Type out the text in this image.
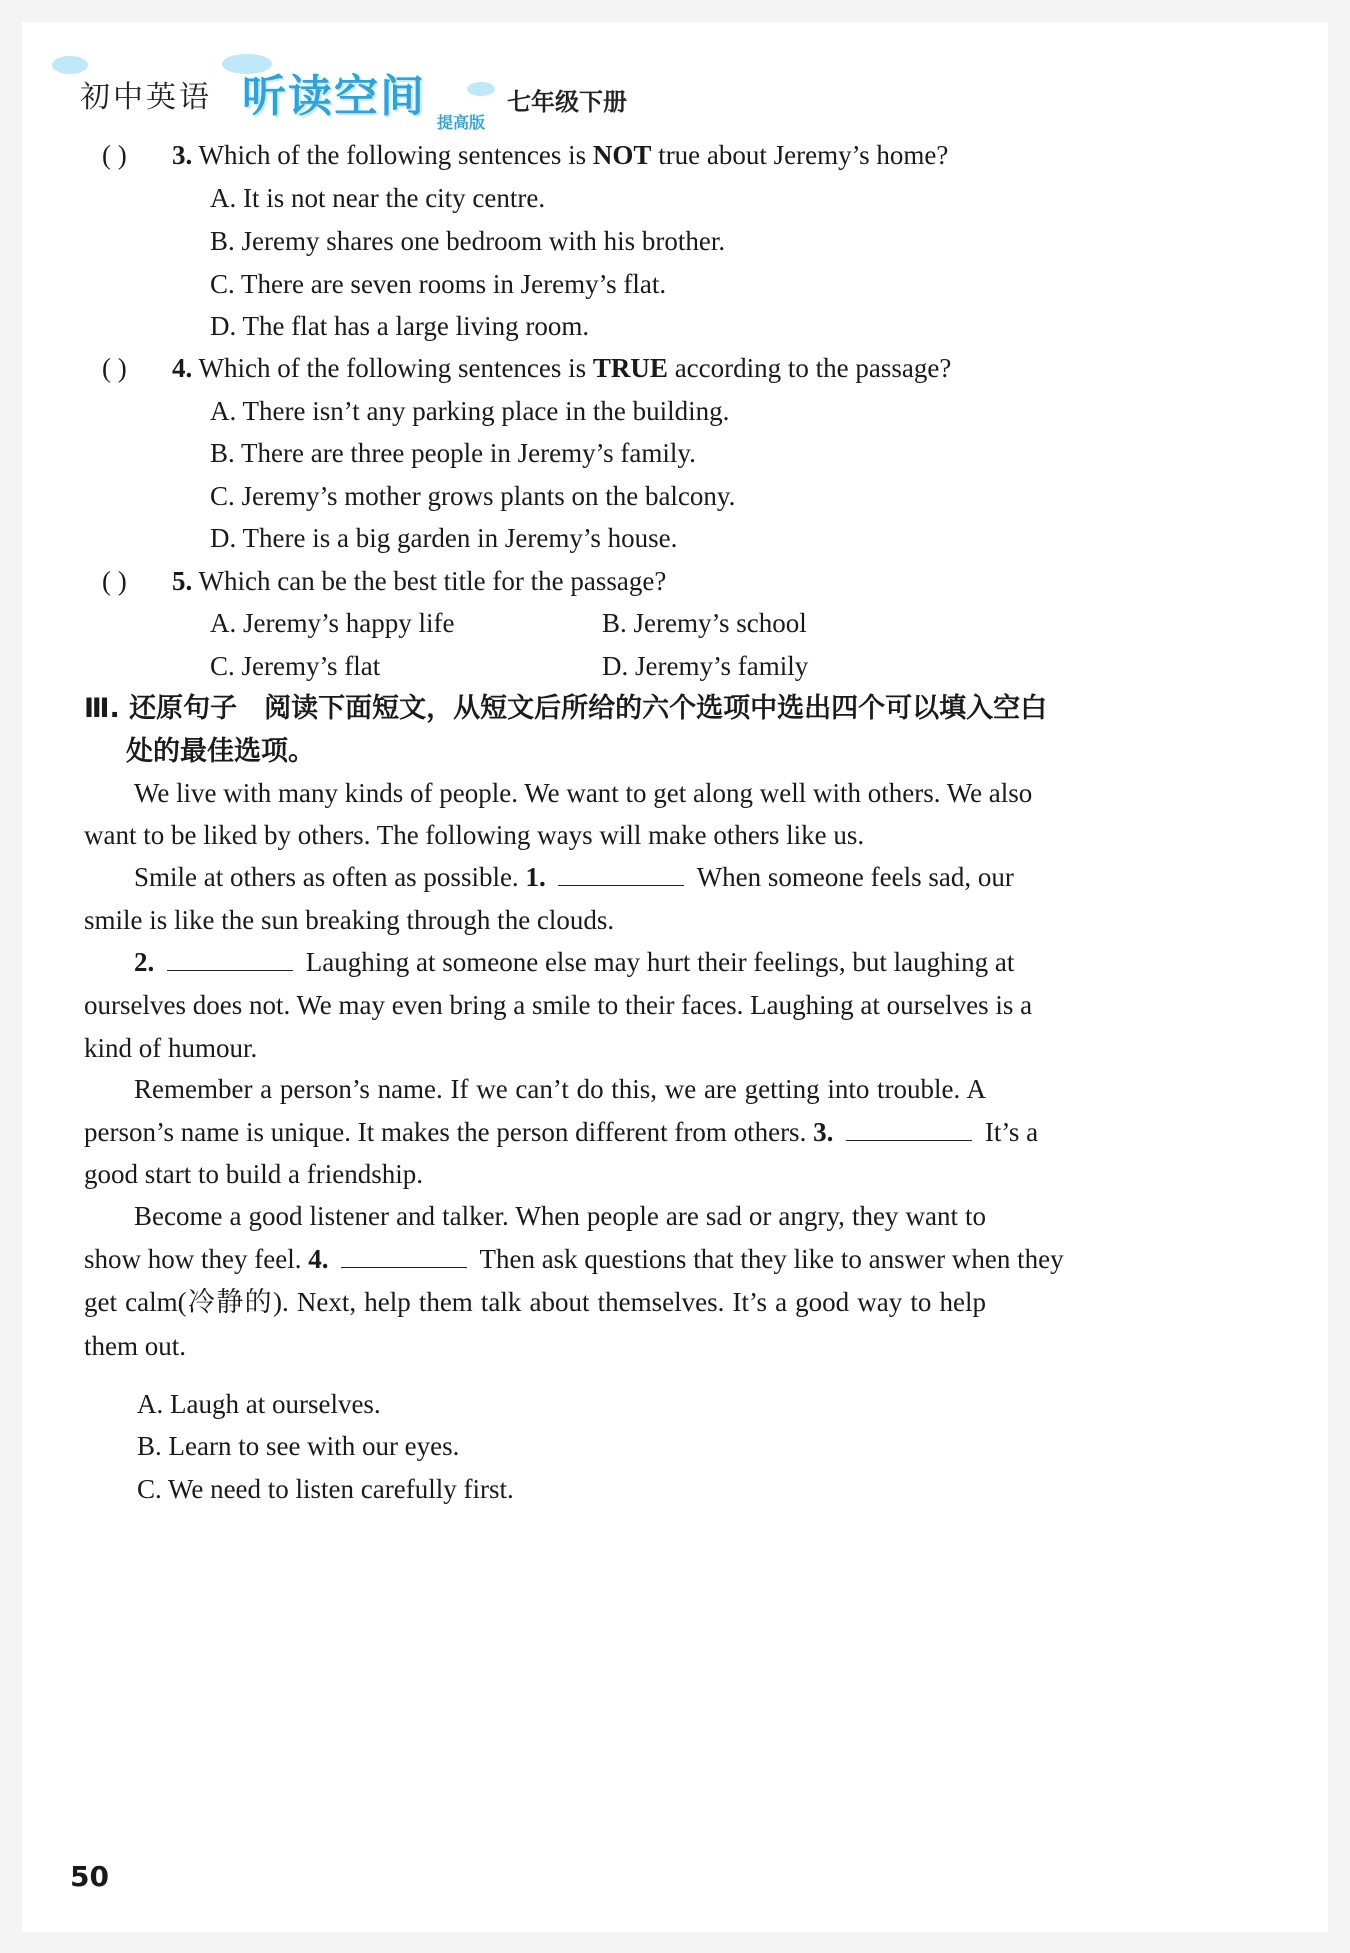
初中英语 听读空间
提高版
七年级下册
( ) 3. Which of the following sentences is NOT true about Jeremy’s home?
A. It is not near the city centre.
B. Jeremy shares one bedroom with his brother.
C. There are seven rooms in Jeremy’s flat.
D. The flat has a large living room.
( ) 4. Which of the following sentences is TRUE according to the passage?
A. There isn’t any parking place in the building.
B. There are three people in Jeremy’s family.
C. Jeremy’s mother grows plants on the balcony.
D. There is a big garden in Jeremy’s house.
( ) 5. Which can be the best title for the passage?
A. Jeremy’s happy life	B. Jeremy’s school
C. Jeremy’s flat	D. Jeremy’s family
Ⅲ. 还原句子　阅读下面短文，从短文后所给的六个选项中选出四个可以填入空白
处的最佳选项。
We live with many kinds of people. We want to get along well with others. We also
want to be liked by others. The following ways will make others like us.
Smile at others as often as possible. 1.	When someone feels sad, our
smile is like the sun breaking through the clouds.
2.	Laughing at someone else may hurt their feelings, but laughing at
ourselves does not. We may even bring a smile to their faces. Laughing at ourselves is a
kind of humour.
Remember a person’s name. If we can’t do this, we are getting into trouble. A
person’s name is unique. It makes the person different from others. 3.	It’s a
good start to build a friendship.
Become a good listener and talker. When people are sad or angry, they want to
show how they feel. 4.	Then ask questions that they like to answer when they
get calm(冷静的). Next, help them talk about themselves. It’s a good way to help
them out.
A. Laugh at ourselves.
B. Learn to see with our eyes.
C. We need to listen carefully first.
50
